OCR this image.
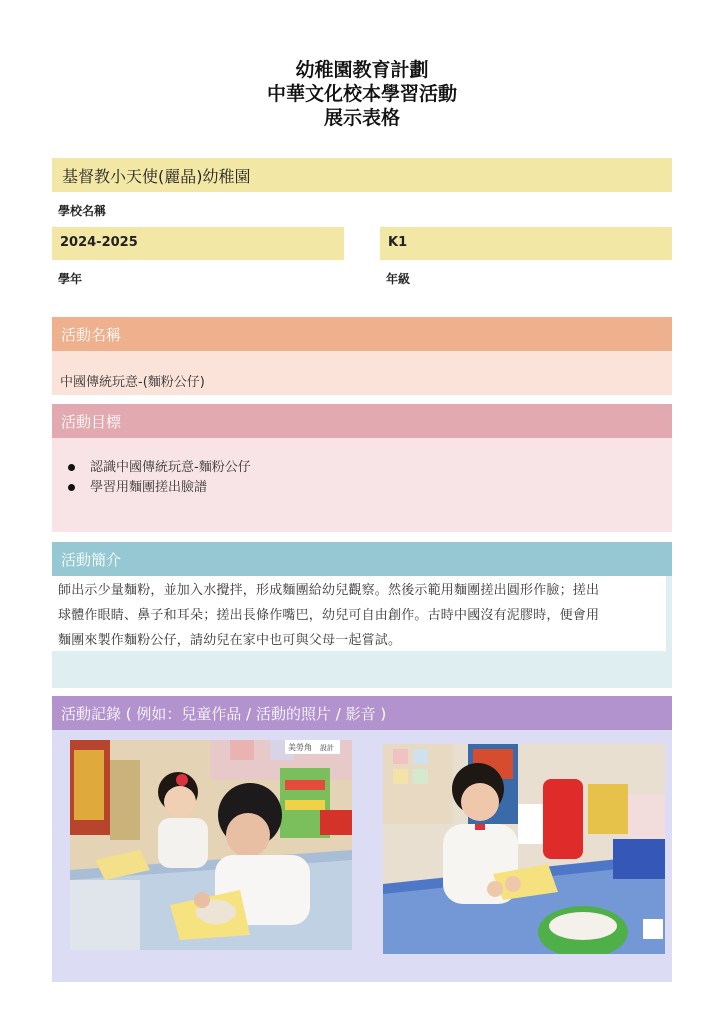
幼稚園教育計劃
中華文化校本學習活動
展示表格
基督教小天使(麗晶)幼稚園
學校名稱
2024-2025
學年
K1
年級
活動名稱
中國傳統玩意-(麵粉公仔)
活動目標
認識中國傳統玩意-麵粉公仔
學習用麵團搓出臉譜
活動簡介
師出示少量麵粉，並加入水攪拌，形成麵團給幼兒觀察。然後示範用麵團搓出圓形作臉；搓出
球體作眼睛、鼻子和耳朵；搓出長條作嘴巴，幼兒可自由創作。古時中國沒有泥膠時，便會用
麵團來製作麵粉公仔，請幼兒在家中也可與父母一起嘗試。
活動記錄 ( 例如：兒童作品 / 活動的照片 / 影音 )
美勞角 設計
